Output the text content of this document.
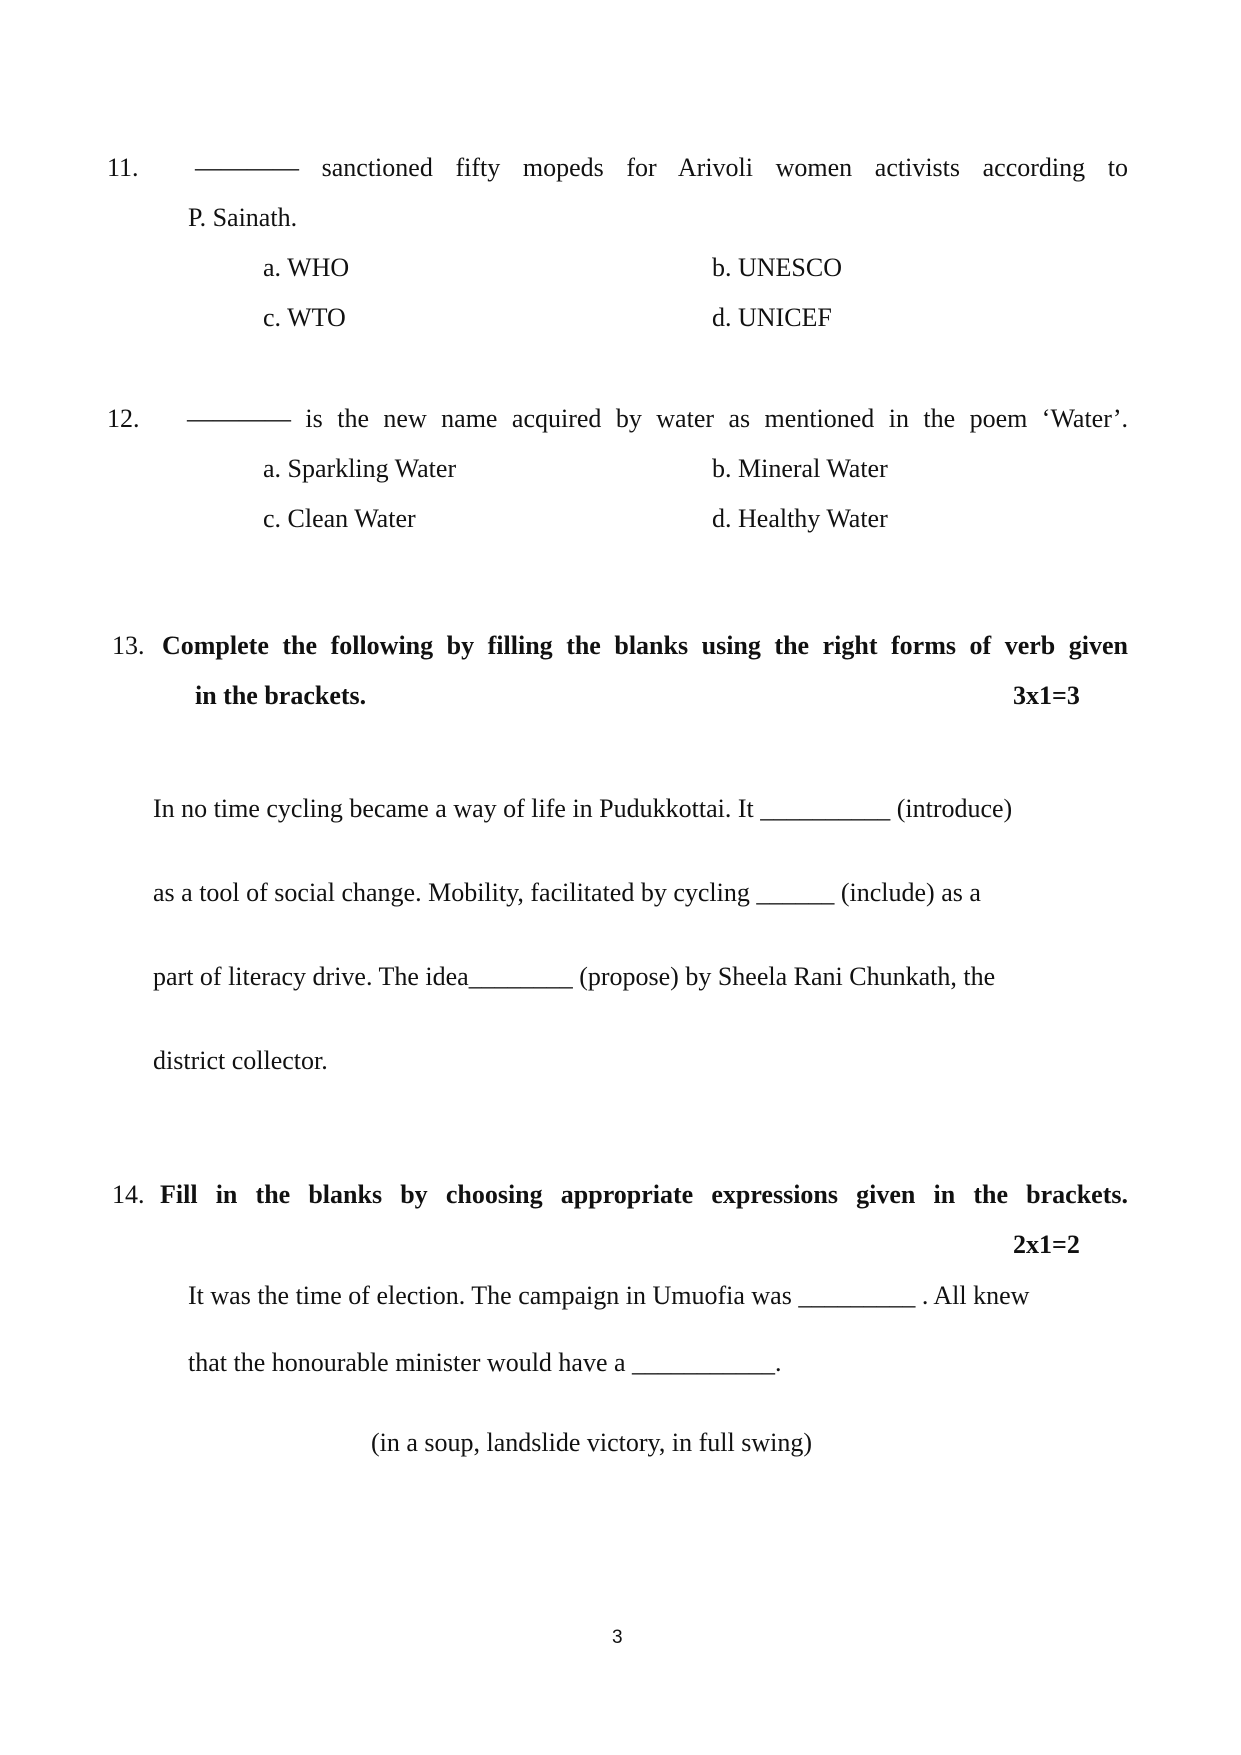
11. ———— sanctioned fifty mopeds for Arivoli women activists according to
P. Sainath.
a. WHO	b. UNESCO
c. WTO	d. UNICEF
12. ———— is the new name acquired by water as mentioned in the poem ‘Water’.
a. Sparkling Water	b. Mineral Water
c. Clean Water	d. Healthy Water
13. Complete the following by filling the blanks using the right forms of verb given
in the brackets.	3x1=3
In no time cycling became a way of life in Pudukkottai. It __________ (introduce)
as a tool of social change. Mobility, facilitated by cycling ______ (include) as a
part of literacy drive. The idea________ (propose) by Sheela Rani Chunkath, the
district collector.
14. Fill in the blanks by choosing appropriate expressions given in the brackets.
2x1=2
It was the time of election. The campaign in Umuofia was _________ . All knew
that the honourable minister would have a ___________.
(in a soup, landslide victory, in full swing)
3
